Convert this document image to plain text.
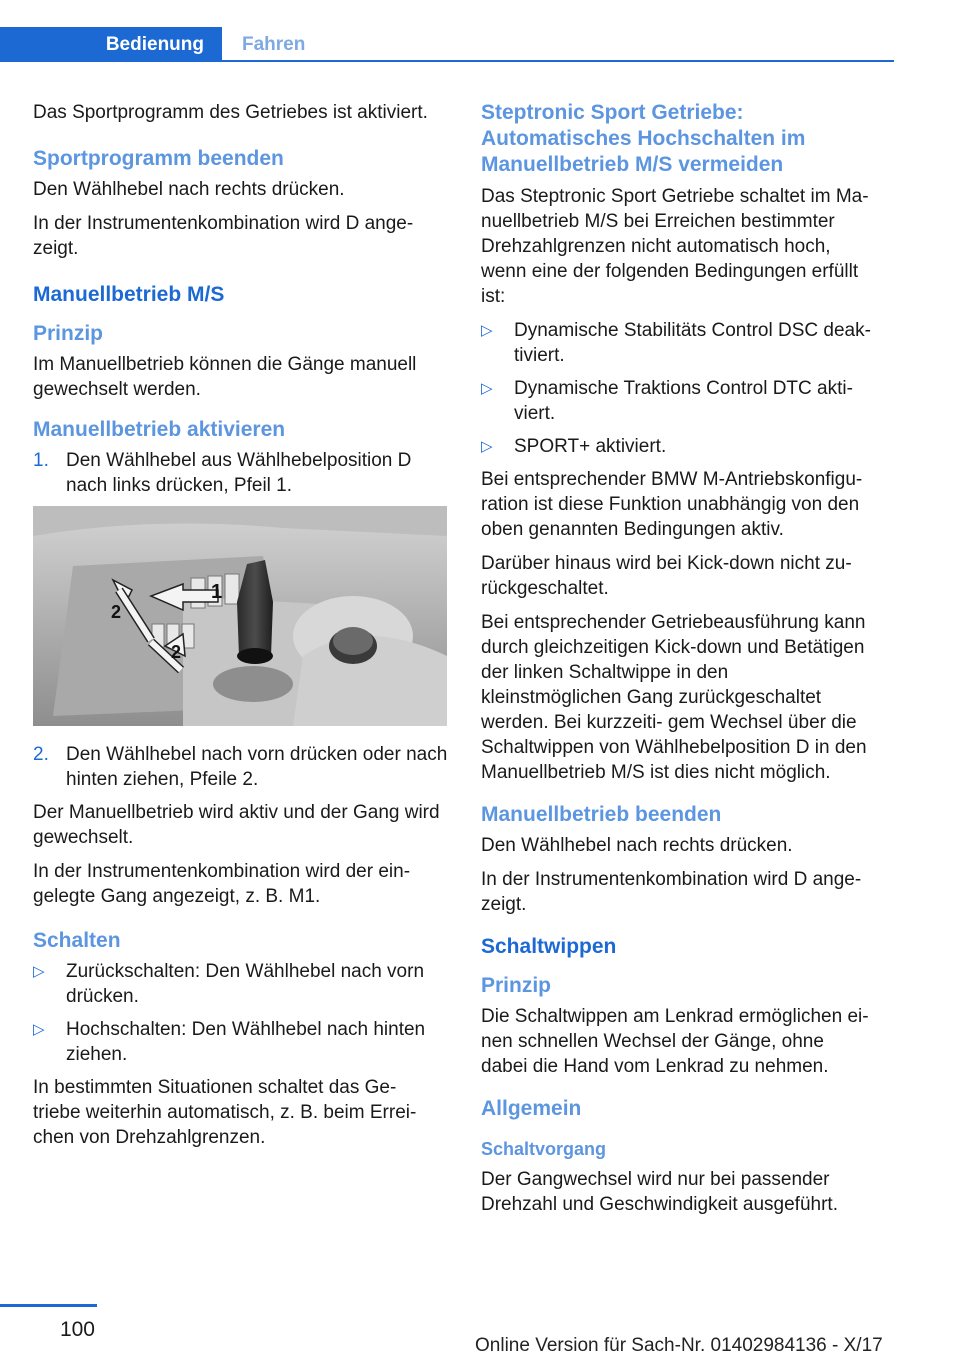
Bedienung	Fahren

Das Sportprogramm des Getriebes ist aktiviert.

Sportprogramm beenden

Den Wählhebel nach rechts drücken.

In der Instrumentenkombination wird D ange‐ zeigt.

Manuellbetrieb M/S
Prinzip

Im Manuellbetrieb können die Gänge manuell gewechselt werden.

Manuellbetrieb aktivieren
1. Den Wählhebel aus Wählhebelposition D nach links drücken, Pfeil 1.
1
2
2
2. Den Wählhebel nach vorn drücken oder nach hinten ziehen, Pfeile 2.

Der Manuellbetrieb wird aktiv und der Gang wird gewechselt.

In der Instrumentenkombination wird der ein‐ gelegte Gang angezeigt, z. B. M1.

Schalten
▷ Zurückschalten: Den Wählhebel nach vorn drücken.
▷ Hochschalten: Den Wählhebel nach hinten ziehen.

In bestimmten Situationen schaltet das Ge‐ triebe weiterhin automatisch, z. B. beim Errei‐ chen von Drehzahlgrenzen.

Steptronic Sport Getriebe: Automatisches Hochschalten im Manuellbetrieb M/S vermeiden

Das Steptronic Sport Getriebe schaltet im Ma‐ nuellbetrieb M/S bei Erreichen bestimmter Drehzahlgrenzen nicht automatisch hoch, wenn eine der folgenden Bedingungen erfüllt ist:

▷ Dynamische Stabilitäts Control DSC deak‐ tiviert.
▷ Dynamische Traktions Control DTC akti‐ viert.
▷ SPORT+ aktiviert.

Bei entsprechender BMW M-Antriebskonfigu‐ ration ist diese Funktion unabhängig von den oben genannten Bedingungen aktiv.

Darüber hinaus wird bei Kick-down nicht zu‐ rückgeschaltet.

Bei entsprechender Getriebeausführung kann durch gleichzeitigen Kick-down und Betätigen der linken Schaltwippe in den kleinstmöglichen Gang zurückgeschaltet werden. Bei kurzzeiti‐ gem Wechsel über die Schaltwippen von Wählhebelposition D in den Manuellbetrieb M/S ist dies nicht möglich.

Manuellbetrieb beenden

Den Wählhebel nach rechts drücken.

In der Instrumentenkombination wird D ange‐ zeigt.

Schaltwippen
Prinzip

Die Schaltwippen am Lenkrad ermöglichen ei‐ nen schnellen Wechsel der Gänge, ohne dabei die Hand vom Lenkrad zu nehmen.

Allgemein
Schaltvorgang

Der Gangwechsel wird nur bei passender Drehzahl und Geschwindigkeit ausgeführt.

100
Online Version für Sach-Nr. 01402984136 - X/17
